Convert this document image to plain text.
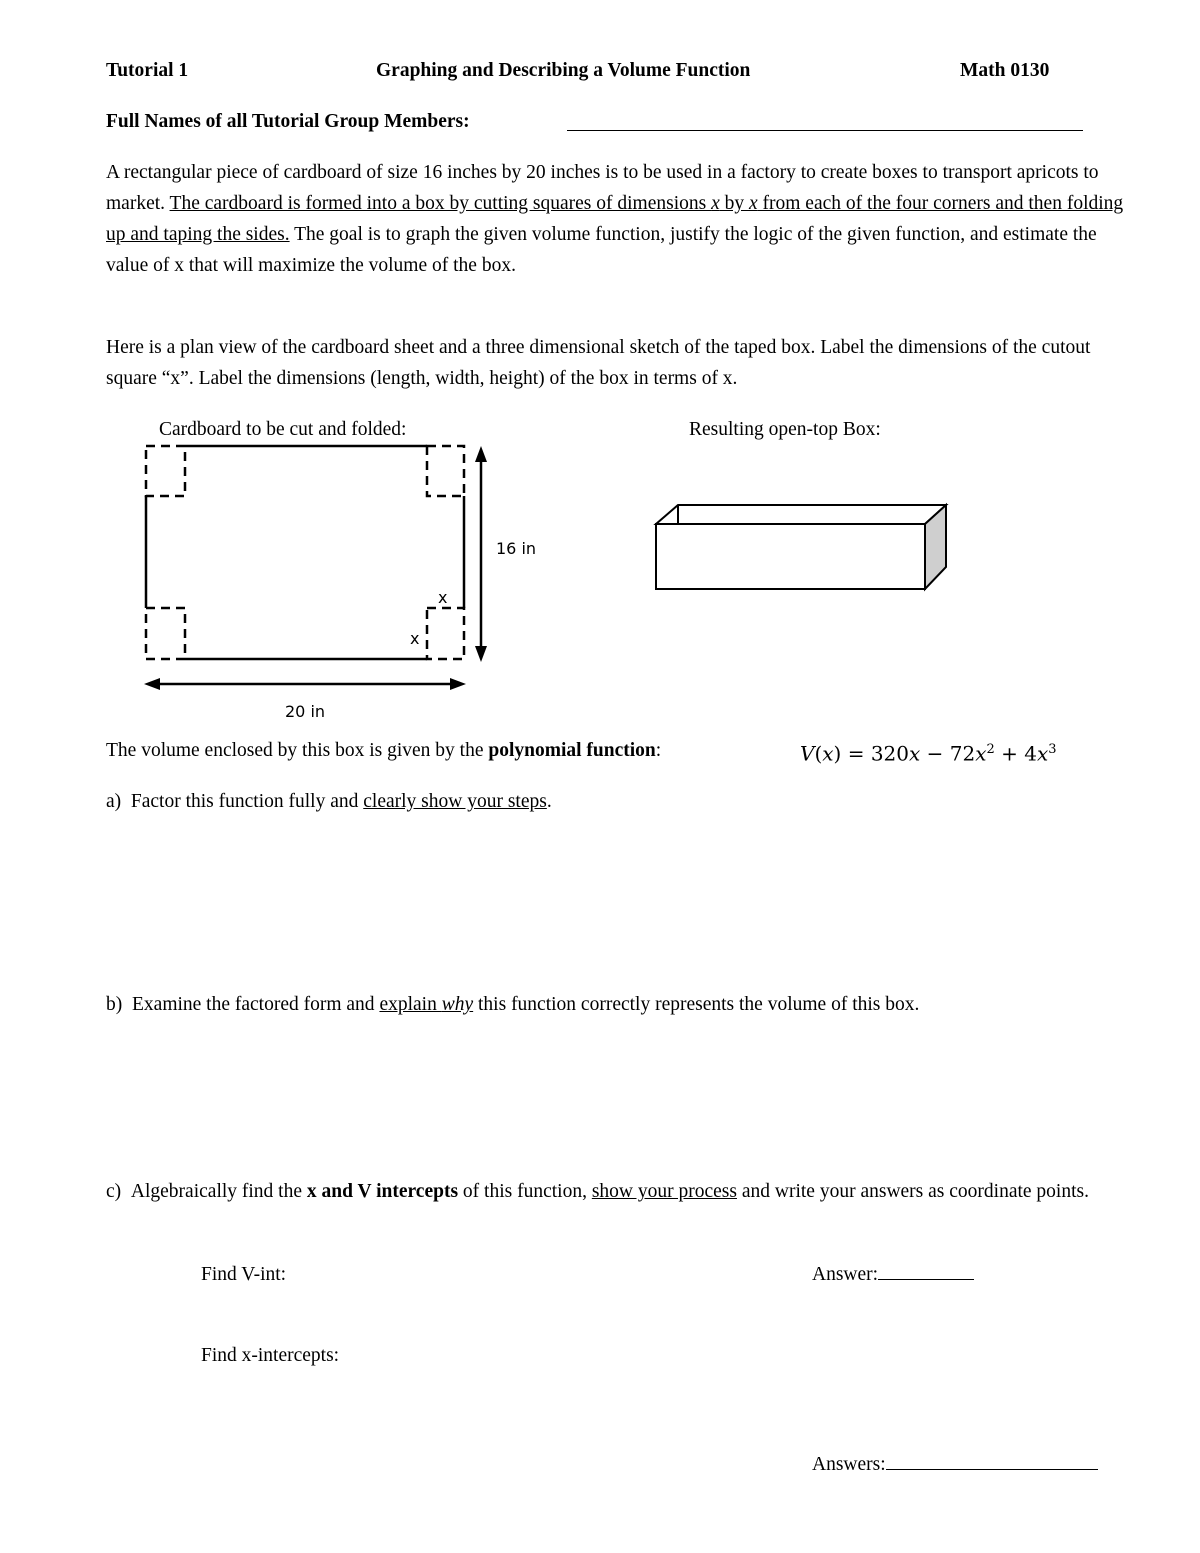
Tutorial 1	Graphing and Describing a Volume Function	Math 0130
Full Names of all Tutorial Group Members:
A rectangular piece of cardboard of size 16 inches by 20 inches is to be used in a factory to create boxes to transport apricots to market. The cardboard is formed into a box by cutting squares of dimensions x by x from each of the four corners and then folding up and taping the sides. The goal is to graph the given volume function, justify the logic of the given function, and estimate the value of x that will maximize the volume of the box.
Here is a plan view of the cardboard sheet and a three dimensional sketch of the taped box. Label the dimensions of the cutout square “x”. Label the dimensions (length, width, height) of the box in terms of x.
Cardboard to be cut and folded:	Resulting open-top Box:
16 in
20 in
x
x
The volume enclosed by this box is given by the polynomial function:	$V(x) = 320x - 72x^2 + 4x^3$
a) Factor this function fully and clearly show your steps.
b) Examine the factored form and explain why this function correctly represents the volume of this box.
c) Algebraically find the x and V intercepts of this function, show your process and write your answers as coordinate points.
Find V-int:	Answer:
Find x-intercepts:
Answers:
